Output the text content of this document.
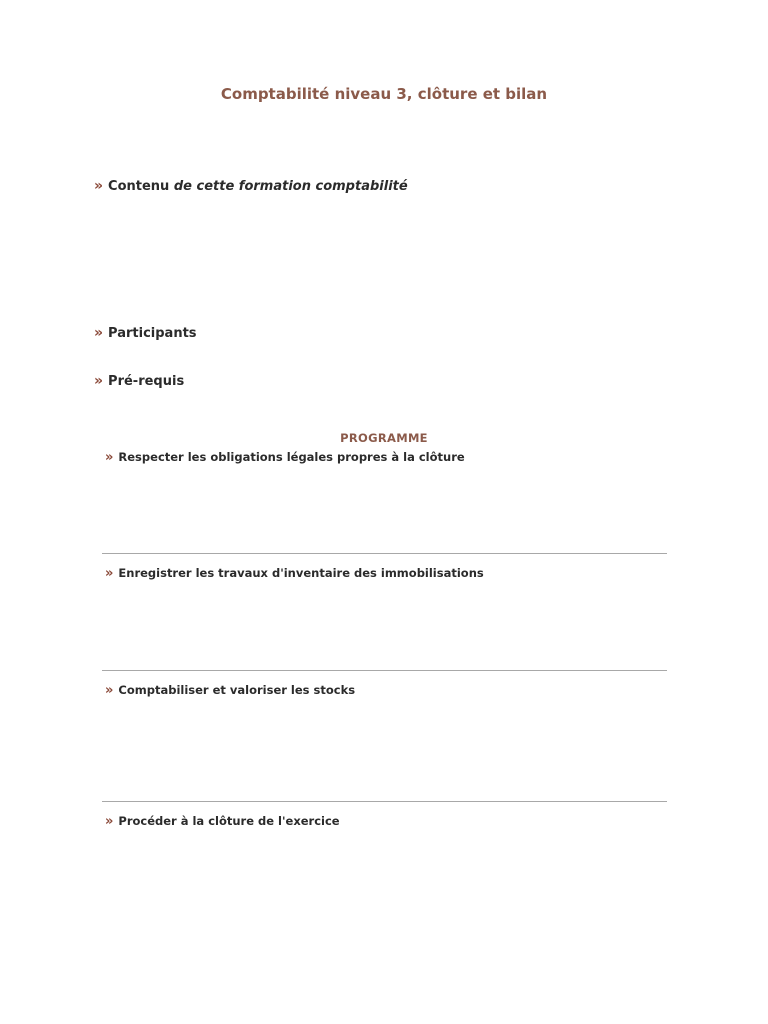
Comptabilité niveau 3, clôture et bilan
» Contenu de cette formation comptabilité
» Participants
» Pré-requis
PROGRAMME
» Respecter les obligations légales propres à la clôture
» Enregistrer les travaux d'inventaire des immobilisations
» Comptabiliser et valoriser les stocks
» Procéder à la clôture de l'exercice
